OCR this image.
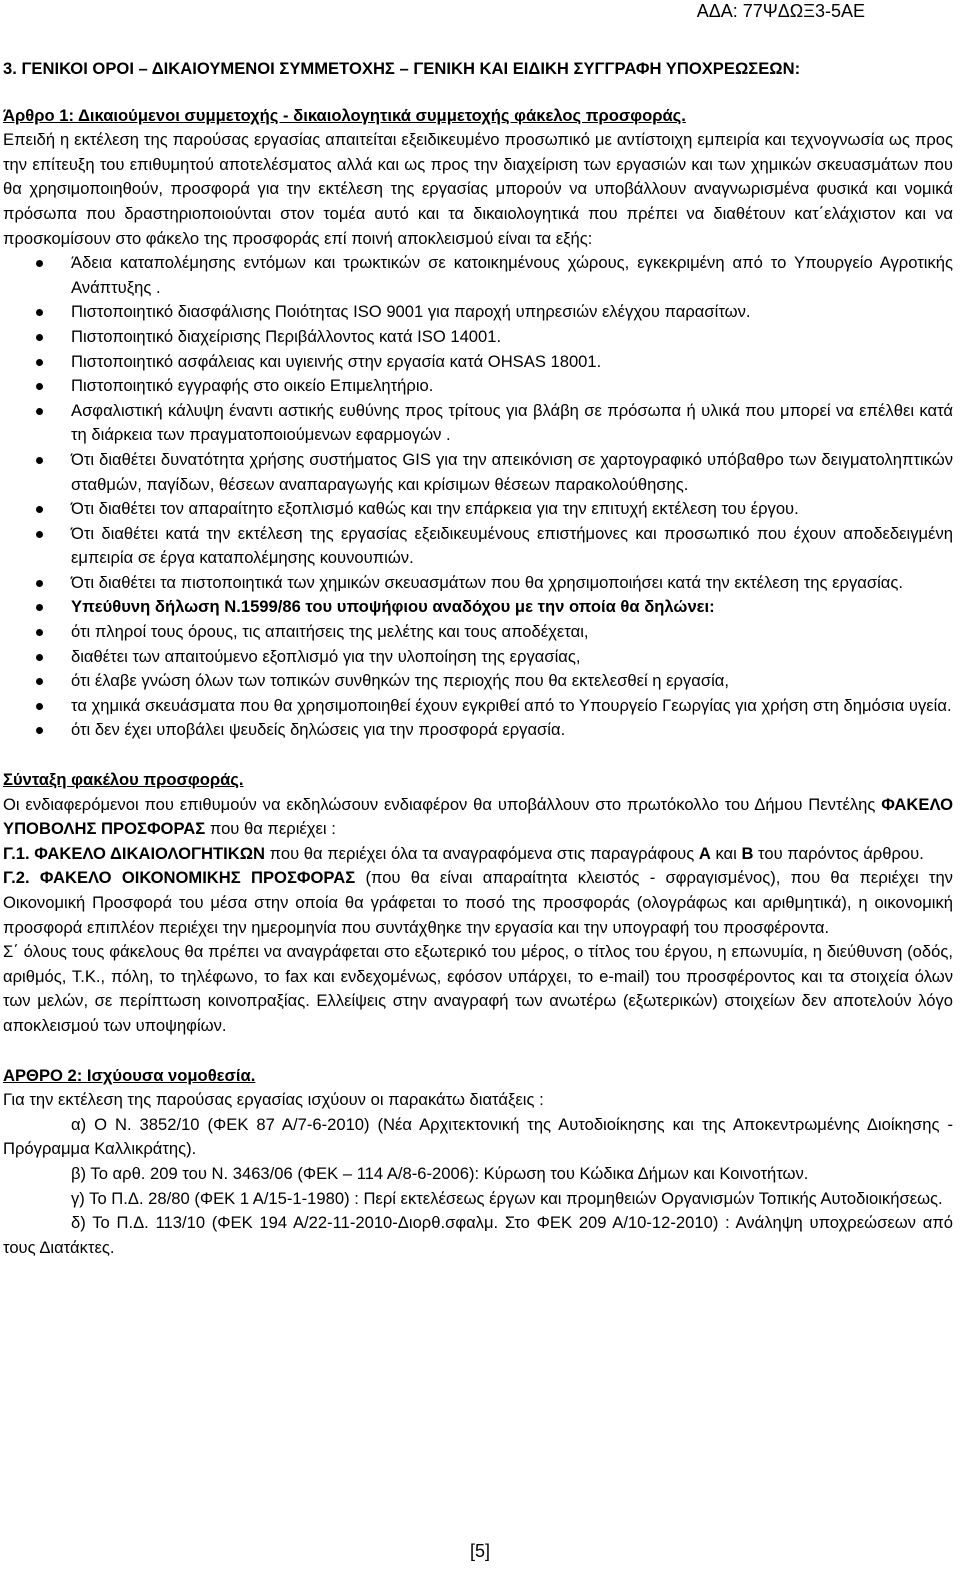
ΑΔΑ: 77ΨΔΩΞ3-5ΑΕ

3. ΓΕΝΙΚΟΙ ΟΡΟΙ – ΔΙΚΑΙΟΥΜΕΝΟΙ ΣΥΜΜΕΤΟΧΗΣ – ΓΕΝΙΚΗ ΚΑΙ ΕΙΔΙΚΗ ΣΥΓΓΡΑΦΗ ΥΠΟΧΡΕΩΣΕΩΝ:

Άρθρο 1: Δικαιούμενοι συμμετοχής - δικαιολογητικά συμμετοχής φάκελος προσφοράς.

Επειδή η εκτέλεση της παρούσας εργασίας απαιτείται εξειδικευμένο προσωπικό με αντίστοιχη εμπειρία και τεχνογνωσία ως προς την επίτευξη του επιθυμητού αποτελέσματος αλλά και ως προς την διαχείριση των εργασιών και των χημικών σκευασμάτων που θα χρησιμοποιηθούν, προσφορά για την εκτέλεση της εργασίας μπορούν να υποβάλλουν αναγνωρισμένα φυσικά και νομικά πρόσωπα που δραστηριοποιούνται στον τομέα αυτό και τα δικαιολογητικά που πρέπει να διαθέτουν κατ΄ελάχιστον και να προσκομίσουν στο φάκελο της προσφοράς επί ποινή αποκλεισμού είναι τα εξής:

Άδεια καταπολέμησης εντόμων και τρωκτικών σε κατοικημένους χώρους, εγκεκριμένη από το Υπουργείο Αγροτικής Ανάπτυξης .
Πιστοποιητικό διασφάλισης Ποιότητας ISO 9001 για παροχή υπηρεσιών ελέγχου παρασίτων.
Πιστοποιητικό διαχείρισης Περιβάλλοντος κατά ISO 14001.
Πιστοποιητικό ασφάλειας και υγιεινής στην εργασία κατά OHSAS 18001.
Πιστοποιητικό εγγραφής στο οικείο Επιμελητήριο.
Ασφαλιστική κάλυψη έναντι αστικής ευθύνης προς τρίτους για βλάβη σε πρόσωπα ή υλικά που μπορεί να επέλθει κατά τη διάρκεια των πραγματοποιούμενων εφαρμογών .
Ότι διαθέτει δυνατότητα χρήσης συστήματος GIS για την απεικόνιση σε χαρτογραφικό υπόβαθρο των δειγματοληπτικών σταθμών, παγίδων, θέσεων αναπαραγωγής και κρίσιμων θέσεων παρακολούθησης.
Ότι διαθέτει τον απαραίτητο εξοπλισμό καθώς και την επάρκεια για την επιτυχή εκτέλεση του έργου.
Ότι διαθέτει κατά την εκτέλεση της εργασίας εξειδικευμένους επιστήμονες και προσωπικό που έχουν αποδεδειγμένη εμπειρία σε έργα καταπολέμησης κουνουπιών.
Ότι διαθέτει τα πιστοποιητικά των χημικών σκευασμάτων που θα χρησιμοποιήσει κατά την εκτέλεση της εργασίας.
Υπεύθυνη δήλωση Ν.1599/86 του υποψήφιου αναδόχου με την οποία θα δηλώνει:
ότι πληροί τους όρους, τις απαιτήσεις της μελέτης και τους αποδέχεται,
διαθέτει των απαιτούμενο εξοπλισμό για την υλοποίηση της εργασίας,
ότι έλαβε γνώση όλων των τοπικών συνθηκών της περιοχής που θα εκτελεσθεί η εργασία,
τα χημικά σκευάσματα που θα χρησιμοποιηθεί έχουν εγκριθεί από το Υπουργείο Γεωργίας για χρήση στη δημόσια υγεία.
ότι δεν έχει υποβάλει ψευδείς δηλώσεις για την προσφορά εργασία.

Σύνταξη φακέλου προσφοράς.

Οι ενδιαφερόμενοι που επιθυμούν να εκδηλώσουν ενδιαφέρον θα υποβάλλουν στο πρωτόκολλο του Δήμου Πεντέλης ΦΑΚΕΛΟ ΥΠΟΒΟΛΗΣ ΠΡΟΣΦΟΡΑΣ που θα περιέχει :

Γ.1. ΦΑΚΕΛΟ ΔΙΚΑΙΟΛΟΓΗΤΙΚΩΝ που θα περιέχει όλα τα αναγραφόμενα στις παραγράφους Α και Β του παρόντος άρθρου.

Γ.2. ΦΑΚΕΛΟ ΟΙΚΟΝΟΜΙΚΗΣ ΠΡΟΣΦΟΡΑΣ (που θα είναι απαραίτητα κλειστός - σφραγισμένος), που θα περιέχει την Οικονομική Προσφορά του μέσα στην οποία θα γράφεται το ποσό της προσφοράς (ολογράφως και αριθμητικά), η οικονομική προσφορά επιπλέον περιέχει την ημερομηνία που συντάχθηκε την εργασία και την υπογραφή του προσφέροντα.

Σ΄ όλους τους φάκελους θα πρέπει να αναγράφεται στο εξωτερικό του μέρος, ο τίτλος του έργου, η επωνυμία, η διεύθυνση (οδός, αριθμός, Τ.Κ., πόλη, το τηλέφωνο, το fax και ενδεχομένως, εφόσον υπάρχει, το e-mail) του προσφέροντος και τα στοιχεία όλων των μελών, σε περίπτωση κοινοπραξίας. Ελλείψεις στην αναγραφή των ανωτέρω (εξωτερικών) στοιχείων δεν αποτελούν λόγο αποκλεισμού των υποψηφίων.

ΑΡΘΡΟ 2: Ισχύουσα νομοθεσία.

Για την εκτέλεση της παρούσας εργασίας ισχύουν οι παρακάτω διατάξεις :

α) Ο Ν. 3852/10 (ΦΕΚ 87 Α/7-6-2010) (Νέα Αρχιτεκτονική της Αυτοδιοίκησης και της Αποκεντρωμένης Διοίκησης - Πρόγραμμα Καλλικράτης).

β) Το αρθ. 209 του Ν. 3463/06 (ΦΕΚ – 114 Α/8-6-2006): Κύρωση του Κώδικα Δήμων και Κοινοτήτων.

γ) Το Π.Δ. 28/80 (ΦΕΚ 1 Α/15-1-1980) : Περί εκτελέσεως έργων και προμηθειών Οργανισμών Τοπικής Αυτοδιοικήσεως.

δ) Το Π.Δ. 113/10 (ΦΕΚ 194 Α/22-11-2010-Διορθ.σφαλμ. Στο ΦΕΚ 209 Α/10-12-2010) : Ανάληψη υποχρεώσεων από τους Διατάκτες.

[5]
